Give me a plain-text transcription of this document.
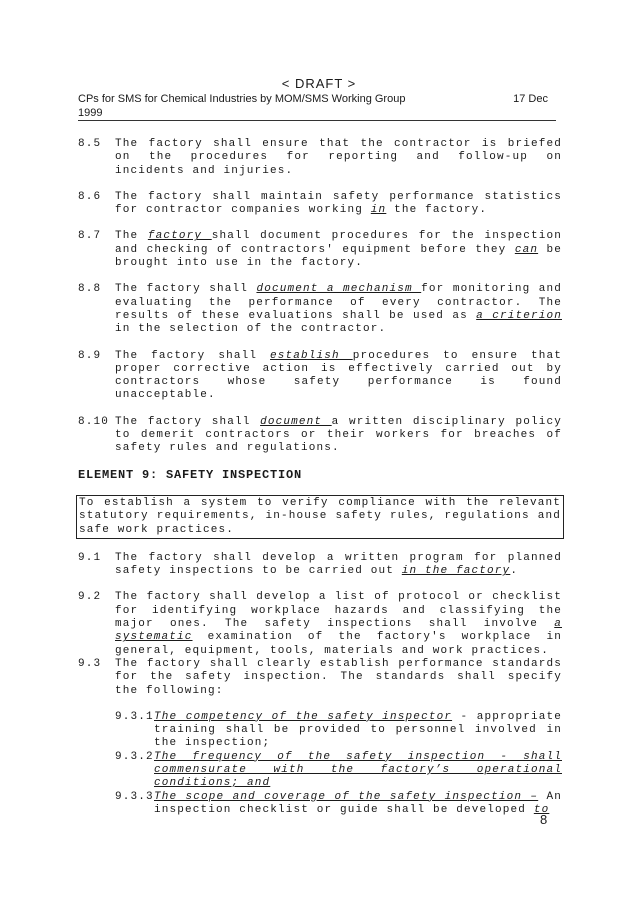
< DRAFT >
CPs for SMS for Chemical Industries by MOM/SMS Working Group
1999
17 Dec
8.5	The factory shall ensure that the contractor is briefed on the procedures for reporting and follow-up on incidents and injuries.
8.6	The factory shall maintain safety performance statistics for contractor companies working in the factory.
8.7	The factory shall document procedures for the inspection and checking of contractors' equipment before they can be brought into use in the factory.
8.8	The factory shall document a mechanism for monitoring and evaluating the performance of every contractor. The results of these evaluations shall be used as a criterion in the selection of the contractor.
8.9	The factory shall establish procedures to ensure that proper corrective action is effectively carried out by contractors whose safety performance is found unacceptable.
8.10 The factory shall document a written disciplinary policy to demerit contractors or their workers for breaches of safety rules and regulations.
ELEMENT 9: SAFETY INSPECTION
To establish a system to verify compliance with the relevant statutory requirements, in-house safety rules, regulations and safe work practices.
9.1	The factory shall develop a written program for planned safety inspections to be carried out in the factory.
9.2	The factory shall develop a list of protocol or checklist for identifying workplace hazards and classifying the major ones. The safety inspections shall involve a systematic examination of the factory's workplace in general, equipment, tools, materials and work practices.
9.3	The factory shall clearly establish performance standards for the safety inspection. The standards shall specify the following:
9.3.1 The competency of the safety inspector - appropriate training shall be provided to personnel involved in the inspection;
9.3.2 The frequency of the safety inspection - shall commensurate with the factory’s operational conditions; and
9.3.3 The scope and coverage of the safety inspection – An inspection checklist or guide shall be developed to
8
